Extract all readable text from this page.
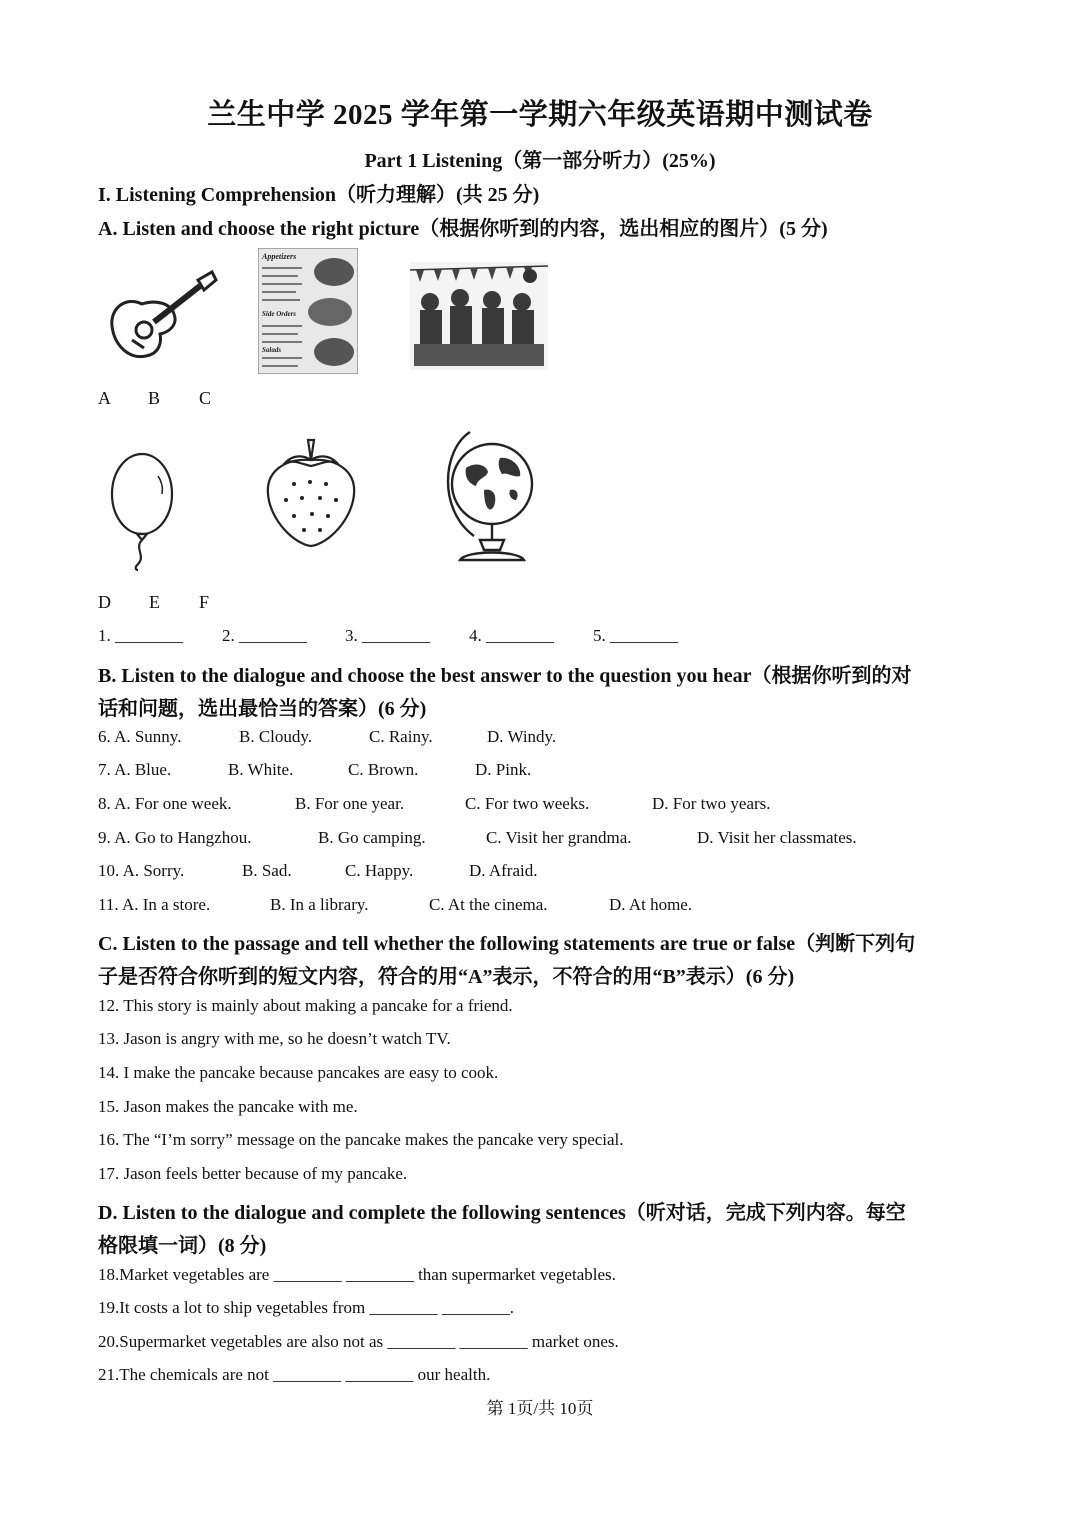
兰生中学 2025 学年第一学期六年级英语期中测试卷
Part 1 Listening（第一部分听力）(25%)
I. Listening Comprehension（听力理解）(共 25 分)
A. Listen and choose the right picture（根据你听到的内容，选出相应的图片）(5 分)
Appetizers
Side Orders
Salads
A B C
D E F
1. ________ 2. ________ 3. ________ 4. ________ 5. ________
B. Listen to the dialogue and choose the best answer to the question you hear（根据你听到的对
话和问题，选出最恰当的答案）(6 分)
6. A. Sunny.	B. Cloudy.	C. Rainy.	D. Windy.
7. A. Blue.	B. White.	C. Brown.	D. Pink.
8. A. For one week.	B. For one year.	C. For two weeks.	D. For two years.
9. A. Go to Hangzhou.	B. Go camping.	C. Visit her grandma.	D. Visit her classmates.
10. A. Sorry.	B. Sad.	C. Happy.	D. Afraid.
11. A. In a store.	B. In a library.	C. At the cinema.	D. At home.
C. Listen to the passage and tell whether the following statements are true or false（判断下列句
子是否符合你听到的短文内容，符合的用“A”表示，不符合的用“B”表示）(6 分)
12. This story is mainly about making a pancake for a friend.
13. Jason is angry with me, so he doesn’t watch TV.
14. I make the pancake because pancakes are easy to cook.
15. Jason makes the pancake with me.
16. The “I’m sorry” message on the pancake makes the pancake very special.
17. Jason feels better because of my pancake.
D. Listen to the dialogue and complete the following sentences（听对话，完成下列内容。每空
格限填一词）(8 分)
18.Market vegetables are ________ ________ than supermarket vegetables.
19.It costs a lot to ship vegetables from ________ ________.
20.Supermarket vegetables are also not as ________ ________ market ones.
21.The chemicals are not ________ ________ our health.
第 1页/共 10页
